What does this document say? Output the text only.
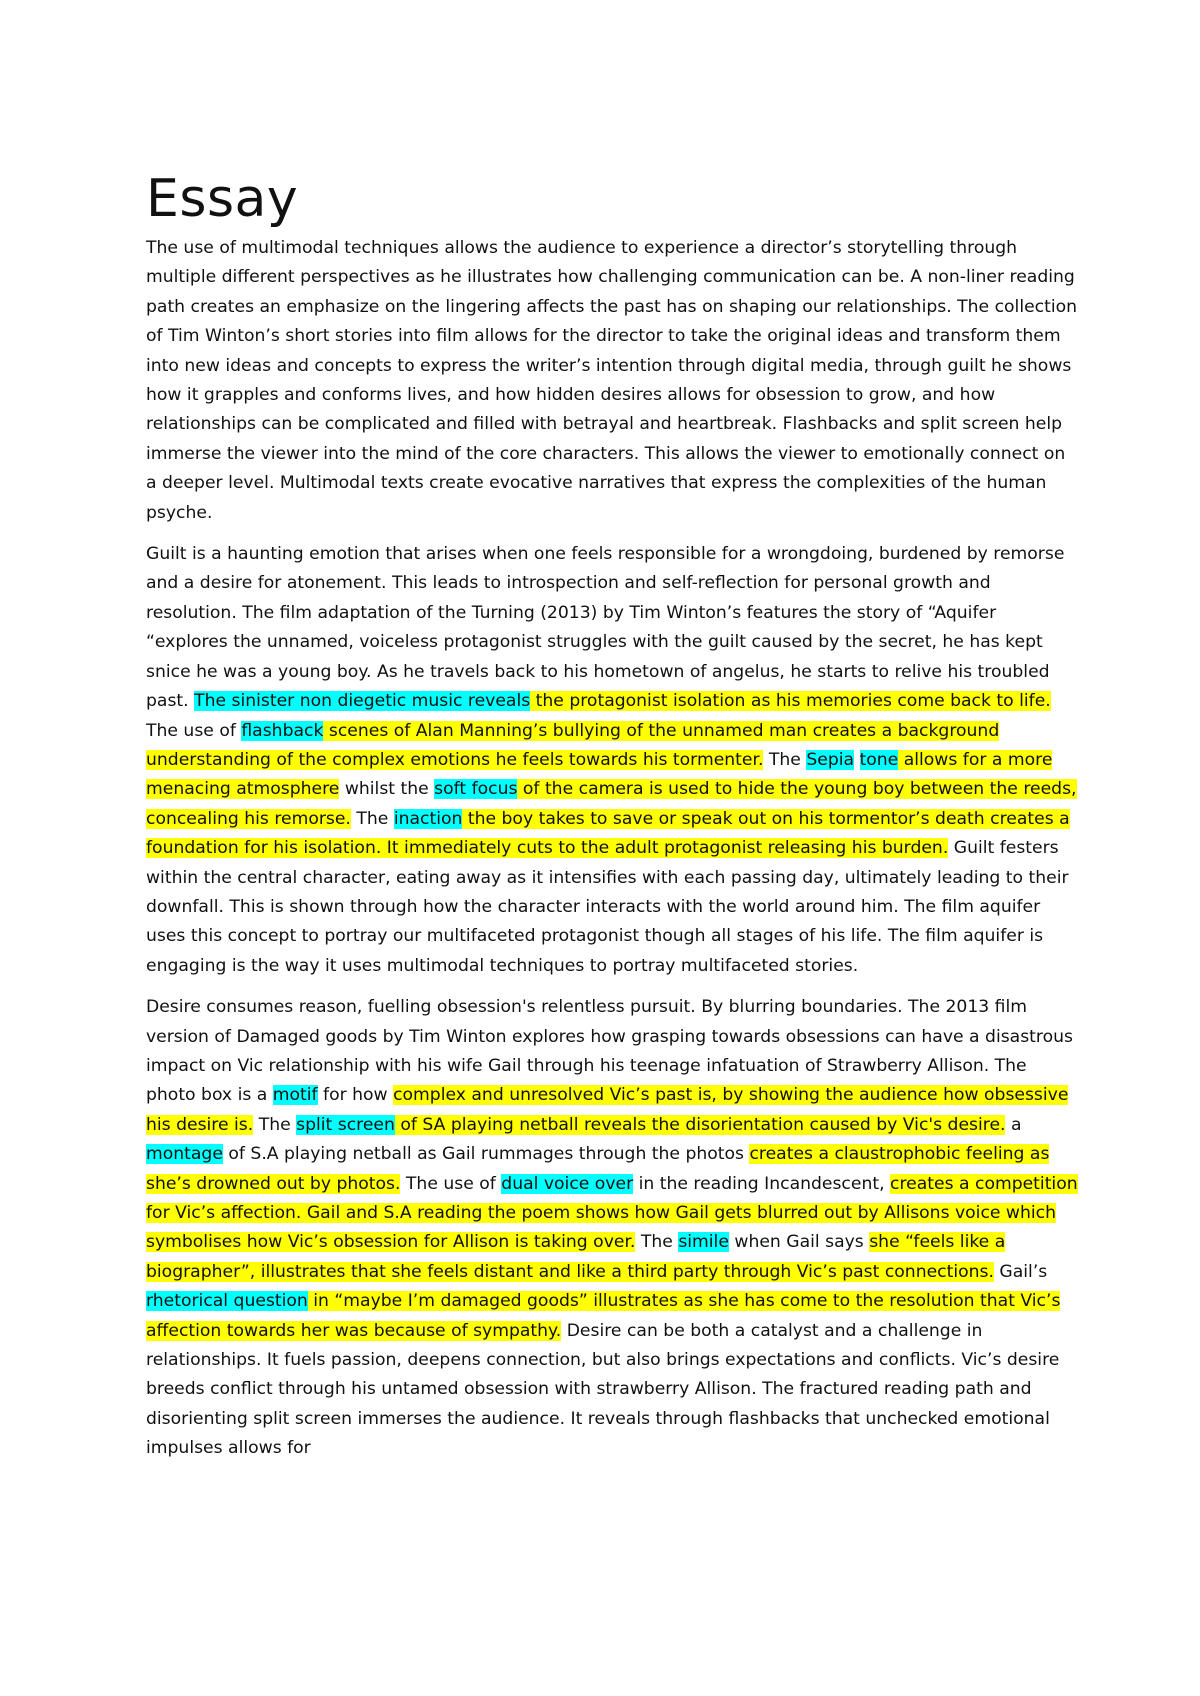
Essay

The use of multimodal techniques allows the audience to experience a director’s storytelling through multiple different perspectives as he illustrates how challenging communication can be. A non-liner reading path creates an emphasize on the lingering affects the past has on shaping our relationships. The collection of Tim Winton’s short stories into film allows for the director to take the original ideas and transform them into new ideas and concepts to express the writer’s intention through digital media, through guilt he shows how it grapples and conforms lives, and how hidden desires allows for obsession to grow, and how relationships can be complicated and filled with betrayal and heartbreak. Flashbacks and split screen help immerse the viewer into the mind of the core characters. This allows the viewer to emotionally connect on a deeper level. Multimodal texts create evocative narratives that express the complexities of the human psyche.

Guilt is a haunting emotion that arises when one feels responsible for a wrongdoing, burdened by remorse and a desire for atonement. This leads to introspection and self-reflection for personal growth and resolution. The film adaptation of the Turning (2013) by Tim Winton’s features the story of “Aquifer “explores the unnamed, voiceless protagonist struggles with the guilt caused by the secret, he has kept snice he was a young boy. As he travels back to his hometown of angelus, he starts to relive his troubled past. The sinister non diegetic music reveals the protagonist isolation as his memories come back to life. The use of flashback scenes of Alan Manning’s bullying of the unnamed man creates a background understanding of the complex emotions he feels towards his tormenter. The Sepia tone allows for a more menacing atmosphere whilst the soft focus of the camera is used to hide the young boy between the reeds, concealing his remorse. The inaction the boy takes to save or speak out on his tormentor’s death creates a foundation for his isolation. It immediately cuts to the adult protagonist releasing his burden. Guilt festers within the central character, eating away as it intensifies with each passing day, ultimately leading to their downfall. This is shown through how the character interacts with the world around him. The film aquifer uses this concept to portray our multifaceted protagonist though all stages of his life. The film aquifer is engaging is the way it uses multimodal techniques to portray multifaceted stories.

Desire consumes reason, fuelling obsession's relentless pursuit. By blurring boundaries. The 2013 film version of Damaged goods by Tim Winton explores how grasping towards obsessions can have a disastrous impact on Vic relationship with his wife Gail through his teenage infatuation of Strawberry Allison. The photo box is a motif for how complex and unresolved Vic’s past is, by showing the audience how obsessive his desire is. The split screen of SA playing netball reveals the disorientation caused by Vic's desire. a montage of S.A playing netball as Gail rummages through the photos creates a claustrophobic feeling as she’s drowned out by photos. The use of dual voice over in the reading Incandescent, creates a competition for Vic’s affection. Gail and S.A reading the poem shows how Gail gets blurred out by Allisons voice which symbolises how Vic’s obsession for Allison is taking over. The simile when Gail says she “feels like a biographer”, illustrates that she feels distant and like a third party through Vic’s past connections. Gail’s rhetorical question in “maybe I’m damaged goods” illustrates as she has come to the resolution that Vic’s affection towards her was because of sympathy. Desire can be both a catalyst and a challenge in relationships. It fuels passion, deepens connection, but also brings expectations and conflicts. Vic’s desire breeds conflict through his untamed obsession with strawberry Allison. The fractured reading path and disorienting split screen immerses the audience. It reveals through flashbacks that unchecked emotional impulses allows for
